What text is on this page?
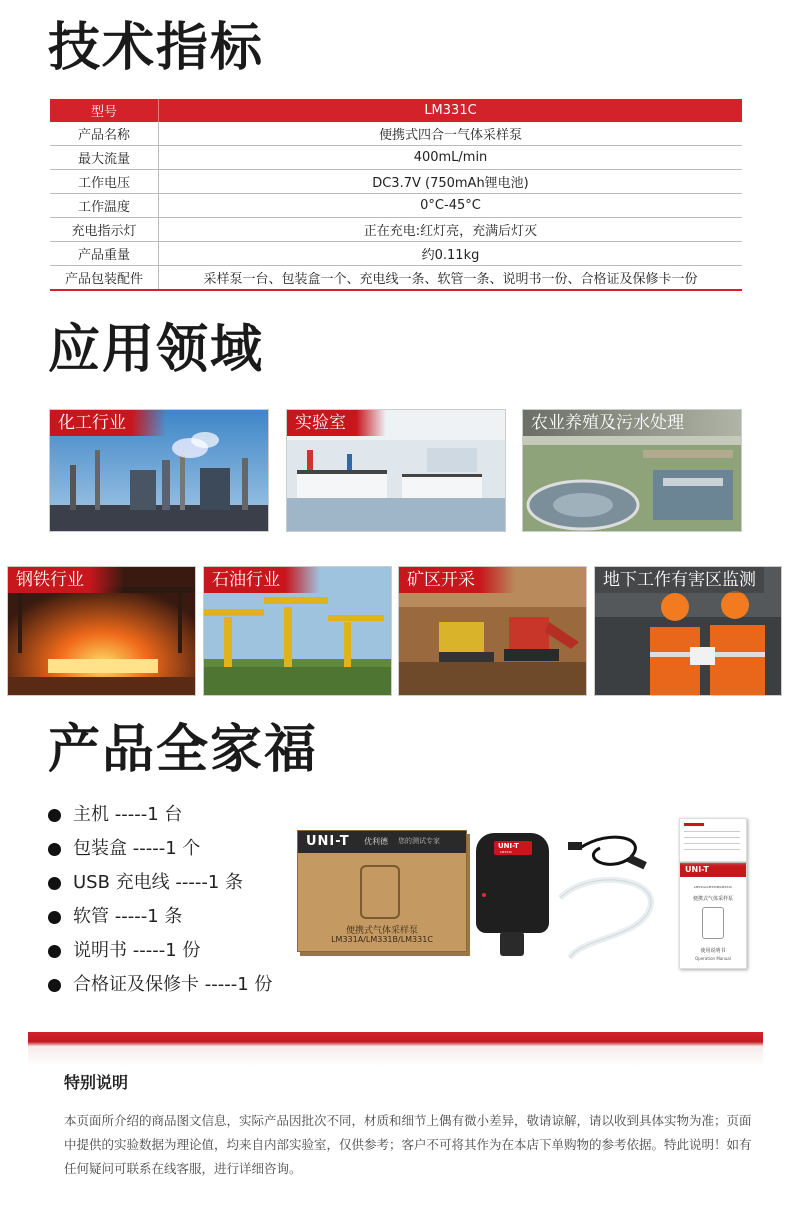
技术指标
型号	LM331C
产品名称	便携式四合一气体采样泵
最大流量	400mL/min
工作电压	DC3.7V (750mAh锂电池)
工作温度	0°C-45°C
充电指示灯	正在充电:红灯亮，充满后灯灭
产品重量	约0.11kg
产品包装配件	采样泵一台、包装盒一个、充电线一条、软管一条、说明书一份、合格证及保修卡一份
应用领域
化工行业	实验室	农业养殖及污水处理
钢铁行业	石油行业	矿区开采	地下工作有害区监测
产品全家福
主机 -----1 台
包装盒 -----1 个
USB 充电线 -----1 条
软管 -----1 条
说明书 -----1 份
合格证及保修卡 -----1 份
UNI-T 优利德 您的测试专家
便携式气体采样泵
LM331A/LM331B/LM331C
UNI-T
LM331C
UNI-T
LM331A/LM331B/LM331C
便携式气体采样泵
使用说明书
Operation Manual
特别说明
本页面所介绍的商品图文信息，实际产品因批次不同，材质和细节上偶有微小差异，敬请谅解，请以收到具体实物为准；页面中提供的实验数据为理论值，均来自内部实验室，仅供参考；客户不可将其作为在本店下单购物的参考依据。特此说明！如有任何疑问可联系在线客服，进行详细咨询。
